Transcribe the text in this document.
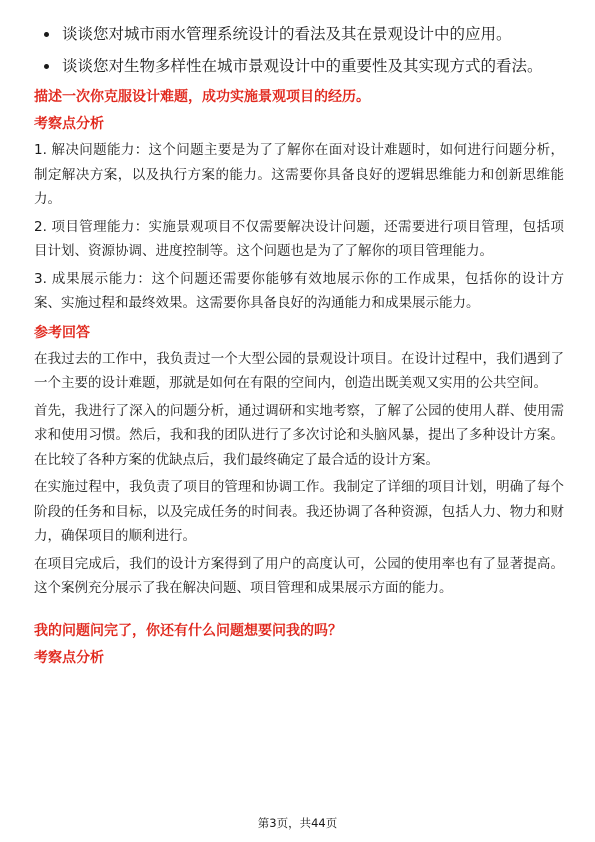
谈谈您对城市雨水管理系统设计的看法及其在景观设计中的应用。
谈谈您对生物多样性在城市景观设计中的重要性及其实现方式的看法。
描述一次你克服设计难题，成功实施景观项目的经历。
考察点分析

1. 解决问题能力：这个问题主要是为了了解你在面对设计难题时，如何进行问题分析，制定解决方案，以及执行方案的能力。这需要你具备良好的逻辑思维能力和创新思维能力。

2. 项目管理能力：实施景观项目不仅需要解决设计问题，还需要进行项目管理，包括项目计划、资源协调、进度控制等。这个问题也是为了了解你的项目管理能力。

3. 成果展示能力：这个问题还需要你能够有效地展示你的工作成果，包括你的设计方案、实施过程和最终效果。这需要你具备良好的沟通能力和成果展示能力。

参考回答

在我过去的工作中，我负责过一个大型公园的景观设计项目。在设计过程中，我们遇到了一个主要的设计难题，那就是如何在有限的空间内，创造出既美观又实用的公共空间。

首先，我进行了深入的问题分析，通过调研和实地考察，了解了公园的使用人群、使用需求和使用习惯。然后，我和我的团队进行了多次讨论和头脑风暴，提出了多种设计方案。在比较了各种方案的优缺点后，我们最终确定了最合适的设计方案。

在实施过程中，我负责了项目的管理和协调工作。我制定了详细的项目计划，明确了每个阶段的任务和目标，以及完成任务的时间表。我还协调了各种资源，包括人力、物力和财力，确保项目的顺利进行。

在项目完成后，我们的设计方案得到了用户的高度认可，公园的使用率也有了显著提高。这个案例充分展示了我在解决问题、项目管理和成果展示方面的能力。

我的问题问完了，你还有什么问题想要问我的吗？
考察点分析
第3页，共44页
